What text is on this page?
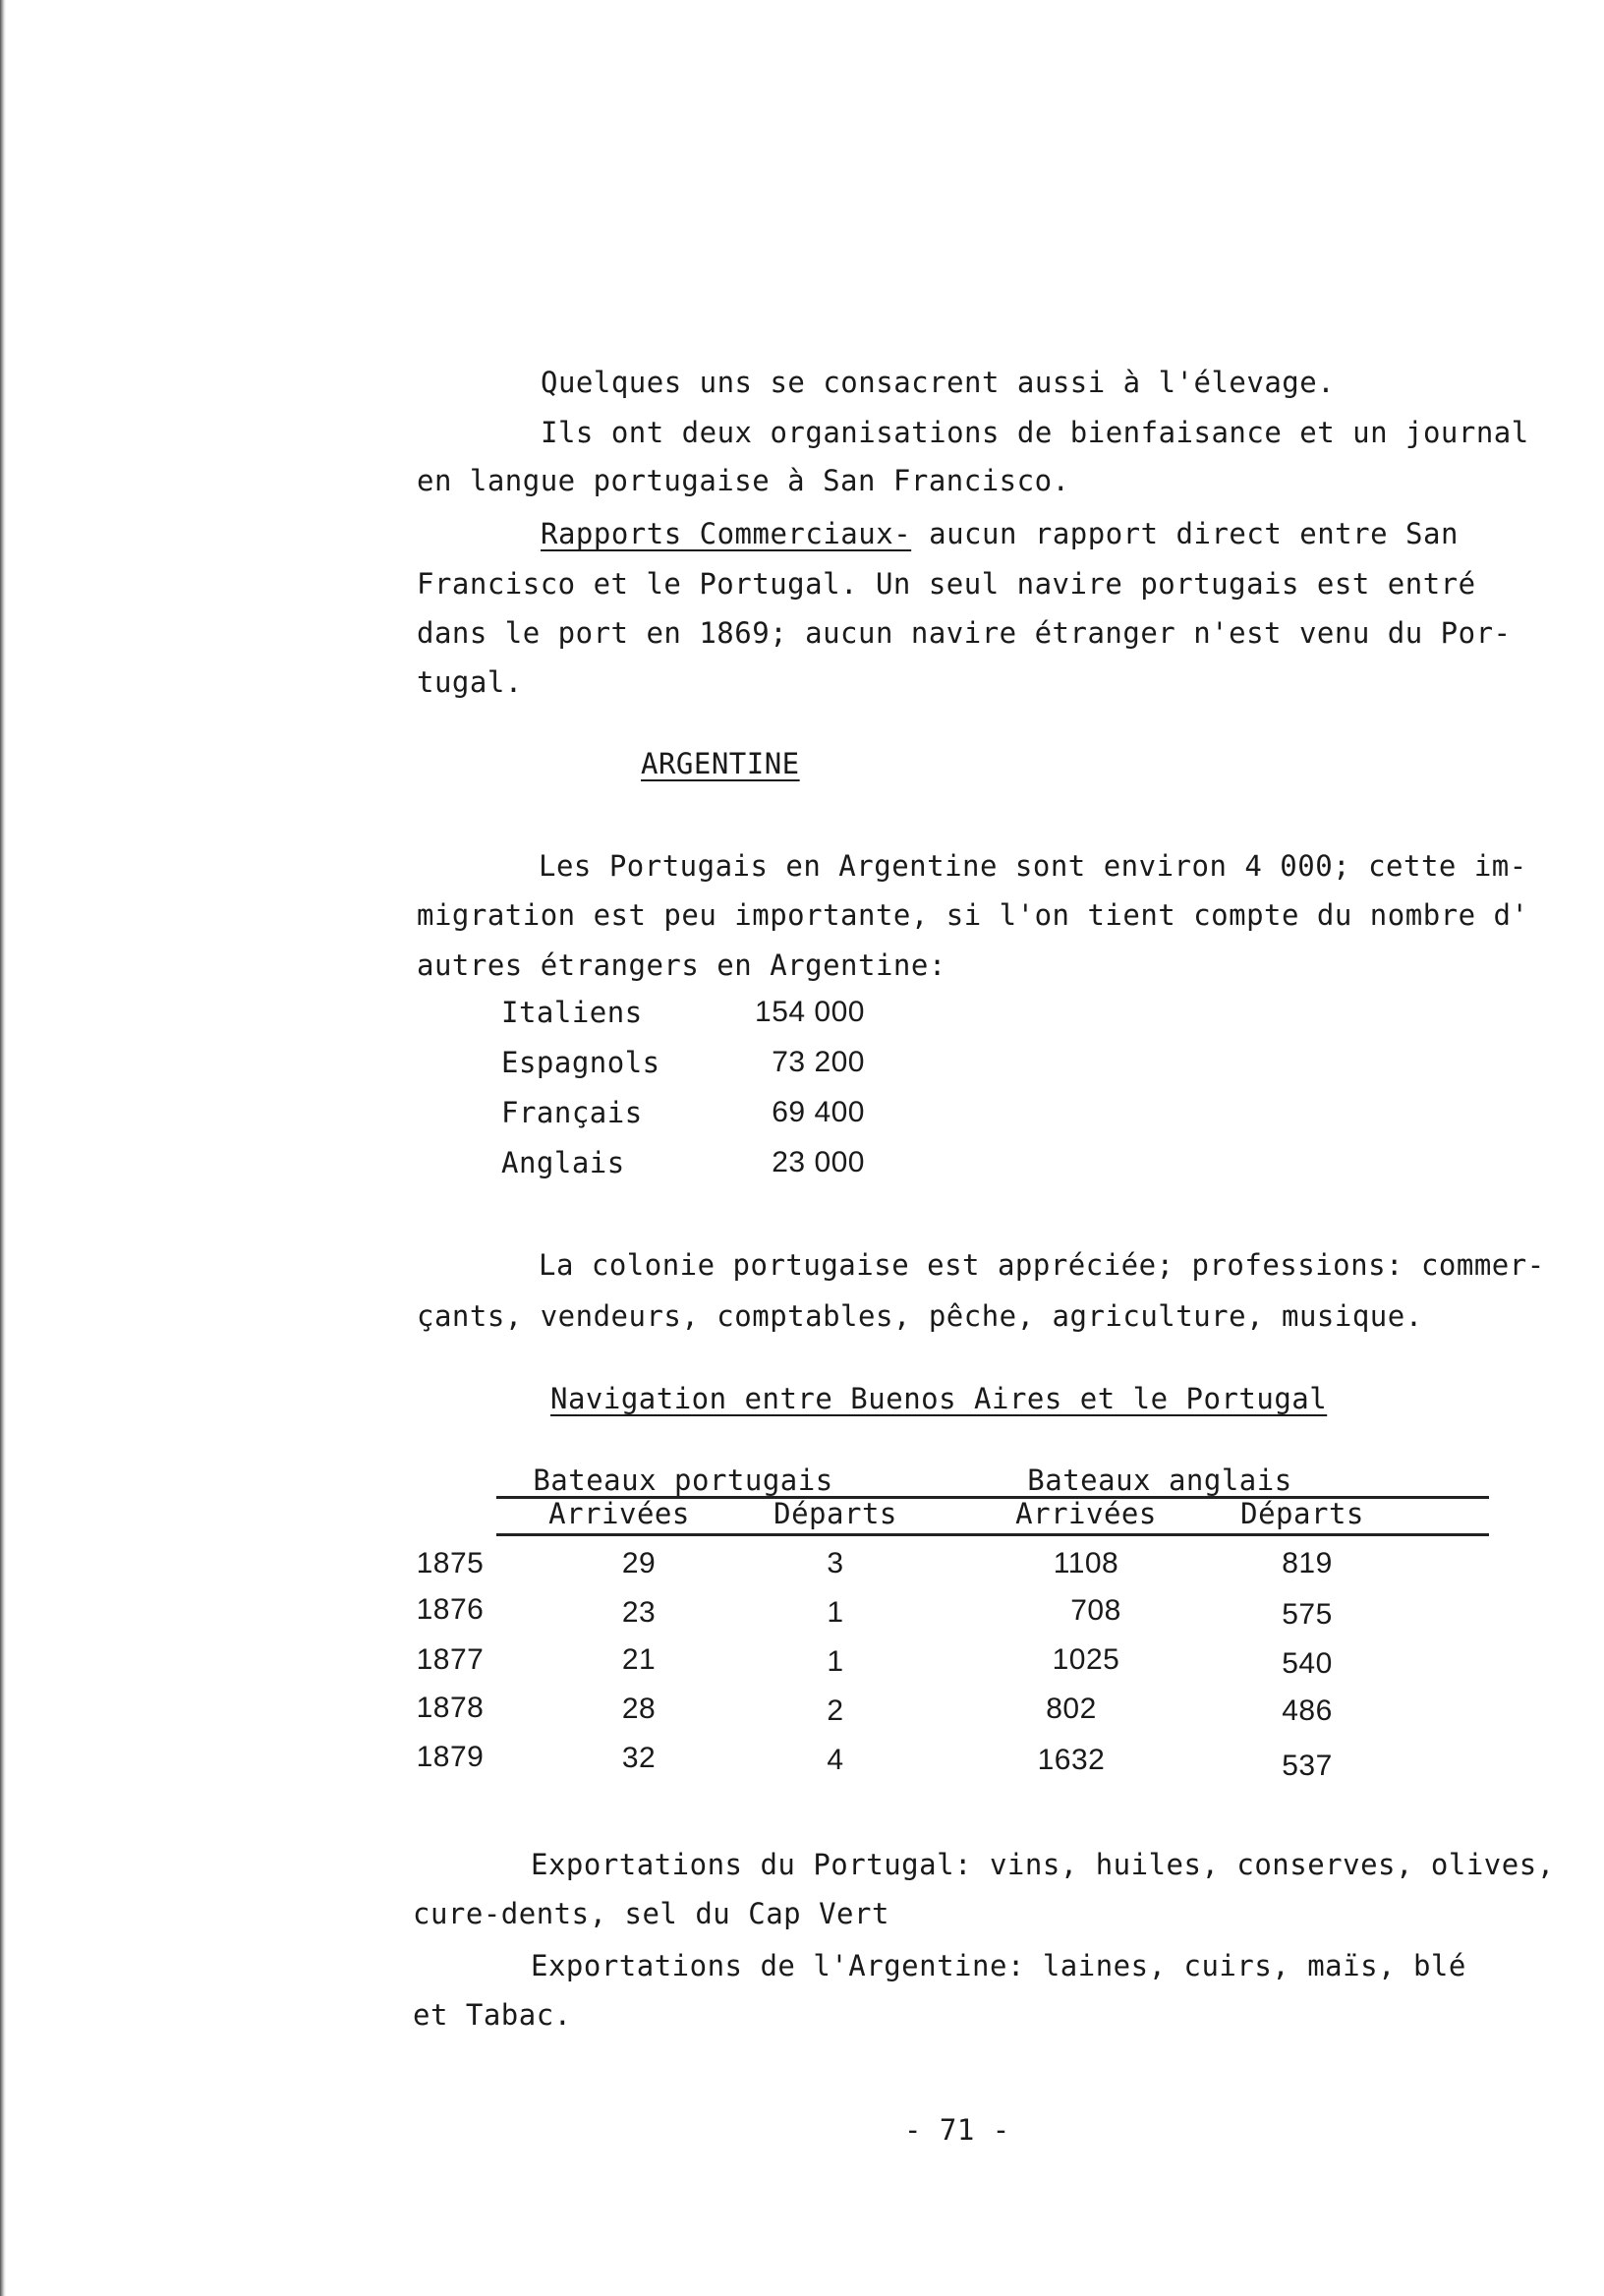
Quelques uns se consacrent aussi à l'élevage.
Ils ont deux organisations de bienfaisance et un journal
en langue portugaise à San Francisco.
Rapports Commerciaux- aucun rapport direct entre San
Francisco et le Portugal. Un seul navire portugais est entré
dans le port en 1869; aucun navire étranger n'est venu du Por-
tugal.
ARGENTINE
Les Portugais en Argentine sont environ 4 000; cette im-
migration est peu importante, si l'on tient compte du nombre d'
autres étrangers en Argentine:
Italiens	154 000
Espagnols	73 200
Français	69 400
Anglais	23 000
La colonie portugaise est appréciée; professions: commer-
çants, vendeurs, comptables, pêche, agriculture, musique.
Navigation entre Buenos Aires et le Portugal
Bateaux portugais	Bateaux anglais
Arrivées	Départs	Arrivées	Départs
1875	29	3	1108	819
1876	23	1	708	575
1877	21	1	1025	540
1878	28	2	802	486
1879	32	4	1632	537
Exportations du Portugal: vins, huiles, conserves, olives,
cure-dents, sel du Cap Vert
Exportations de l'Argentine: laines, cuirs, maïs, blé
et Tabac.
- 71 -
